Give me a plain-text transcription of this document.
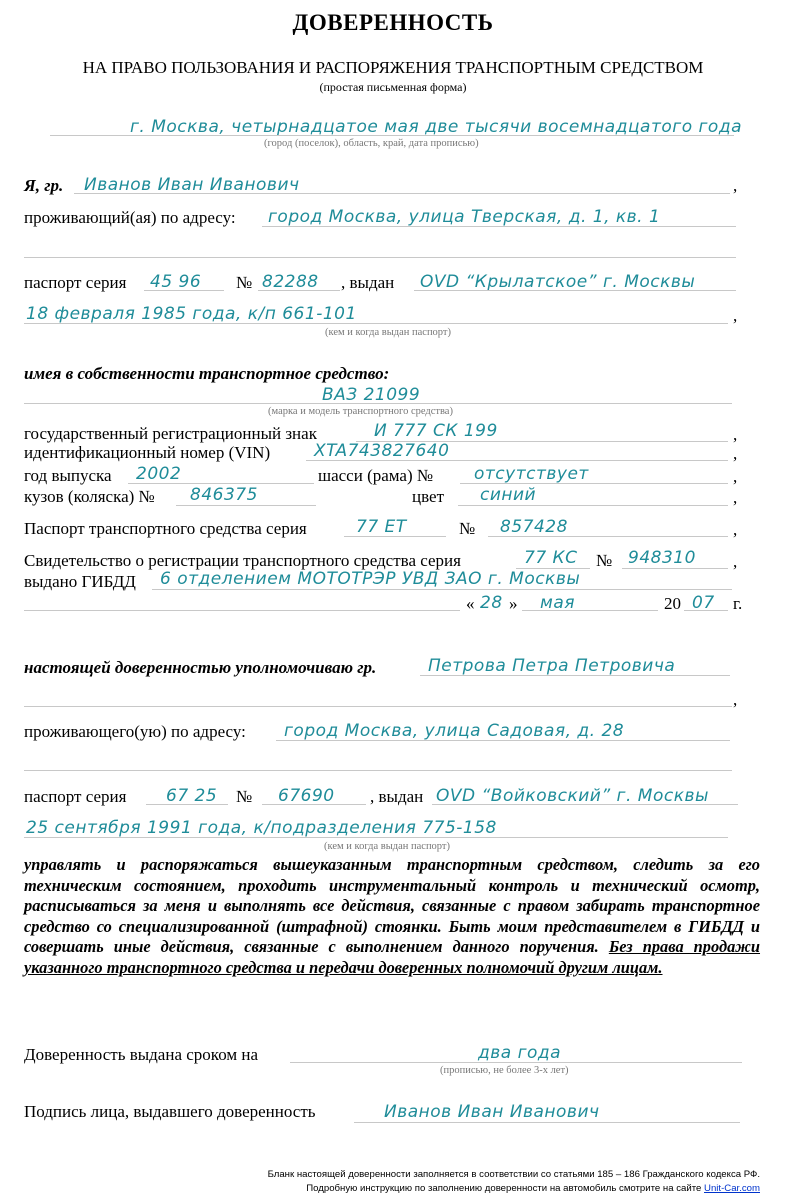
ДОВЕРЕННОСТЬ
НА ПРАВО ПОЛЬЗОВАНИЯ И РАСПОРЯЖЕНИЯ ТРАНСПОРТНЫМ СРЕДСТВОМ
(простая письменная форма)
г. Москва, четырнадцатое мая две тысячи восемнадцатого года
(город (поселок), область, край, дата прописью)
Я, гр. Иванов Иван Иванович	,
проживающий(ая) по адресу: город Москва, улица Тверская, д. 1, кв. 1
паспорт серия 45 96 № 82288 , выдан OVD “Крылатское” г. Москвы
18 февраля 1985 года, к/п 661-101	,
(кем и когда выдан паспорт)
имея в собственности транспортное средство:
ВАЗ 21099
(марка и модель транспортного средства)
государственный регистрационный знак	И 777 СК 199	,
идентификационный номер (VIN)	XTA743827640	,
год выпуска 2002	шасси (рама) № отсутствует	,
кузов (коляска) № 846375	цвет синий	,
Паспорт транспортного средства серия	77 ЕТ	№ 857428	,
Свидетельство о регистрации транспортного средства серия	77 КС № 948310 ,
выдано ГИБДД 6 отделением МОТОТРЭР УВД ЗАО г. Москвы
« 28 » мая	20 07 г.
настоящей доверенностью уполномочиваю гр.	Петрова Петра Петровича
,
проживающего(ую) по адресу: город Москва, улица Садовая, д. 28
паспорт серия 67 25 № 67690 , выдан OVD “Войковский” г. Москвы
25 сентября 1991 года, к/подразделения 775-158
(кем и когда выдан паспорт)
управлять и распоряжаться вышеуказанным транспортным средством, следить за его техническим состоянием, проходить инструментальный контроль и технический осмотр, расписываться за меня и выполнять все действия, связанные с правом забирать транспортное средство со специализированной (штрафной) стоянки. Быть моим представителем в ГИБДД и совершать иные действия, связанные с выполнением данного поручения. Без права продажи указанного транспортного средства и передачи доверенных полномочий другим лицам.
Доверенность выдана сроком на	два года
(прописью, не более 3-х лет)
Подпись лица, выдавшего доверенность	Иванов Иван Иванович
Бланк настоящей доверенности заполняется в соответствии со статьями 185 – 186 Гражданского кодекса РФ.
Подробную инструкцию по заполнению доверенности на автомобиль смотрите на сайте Unit-Car.com
